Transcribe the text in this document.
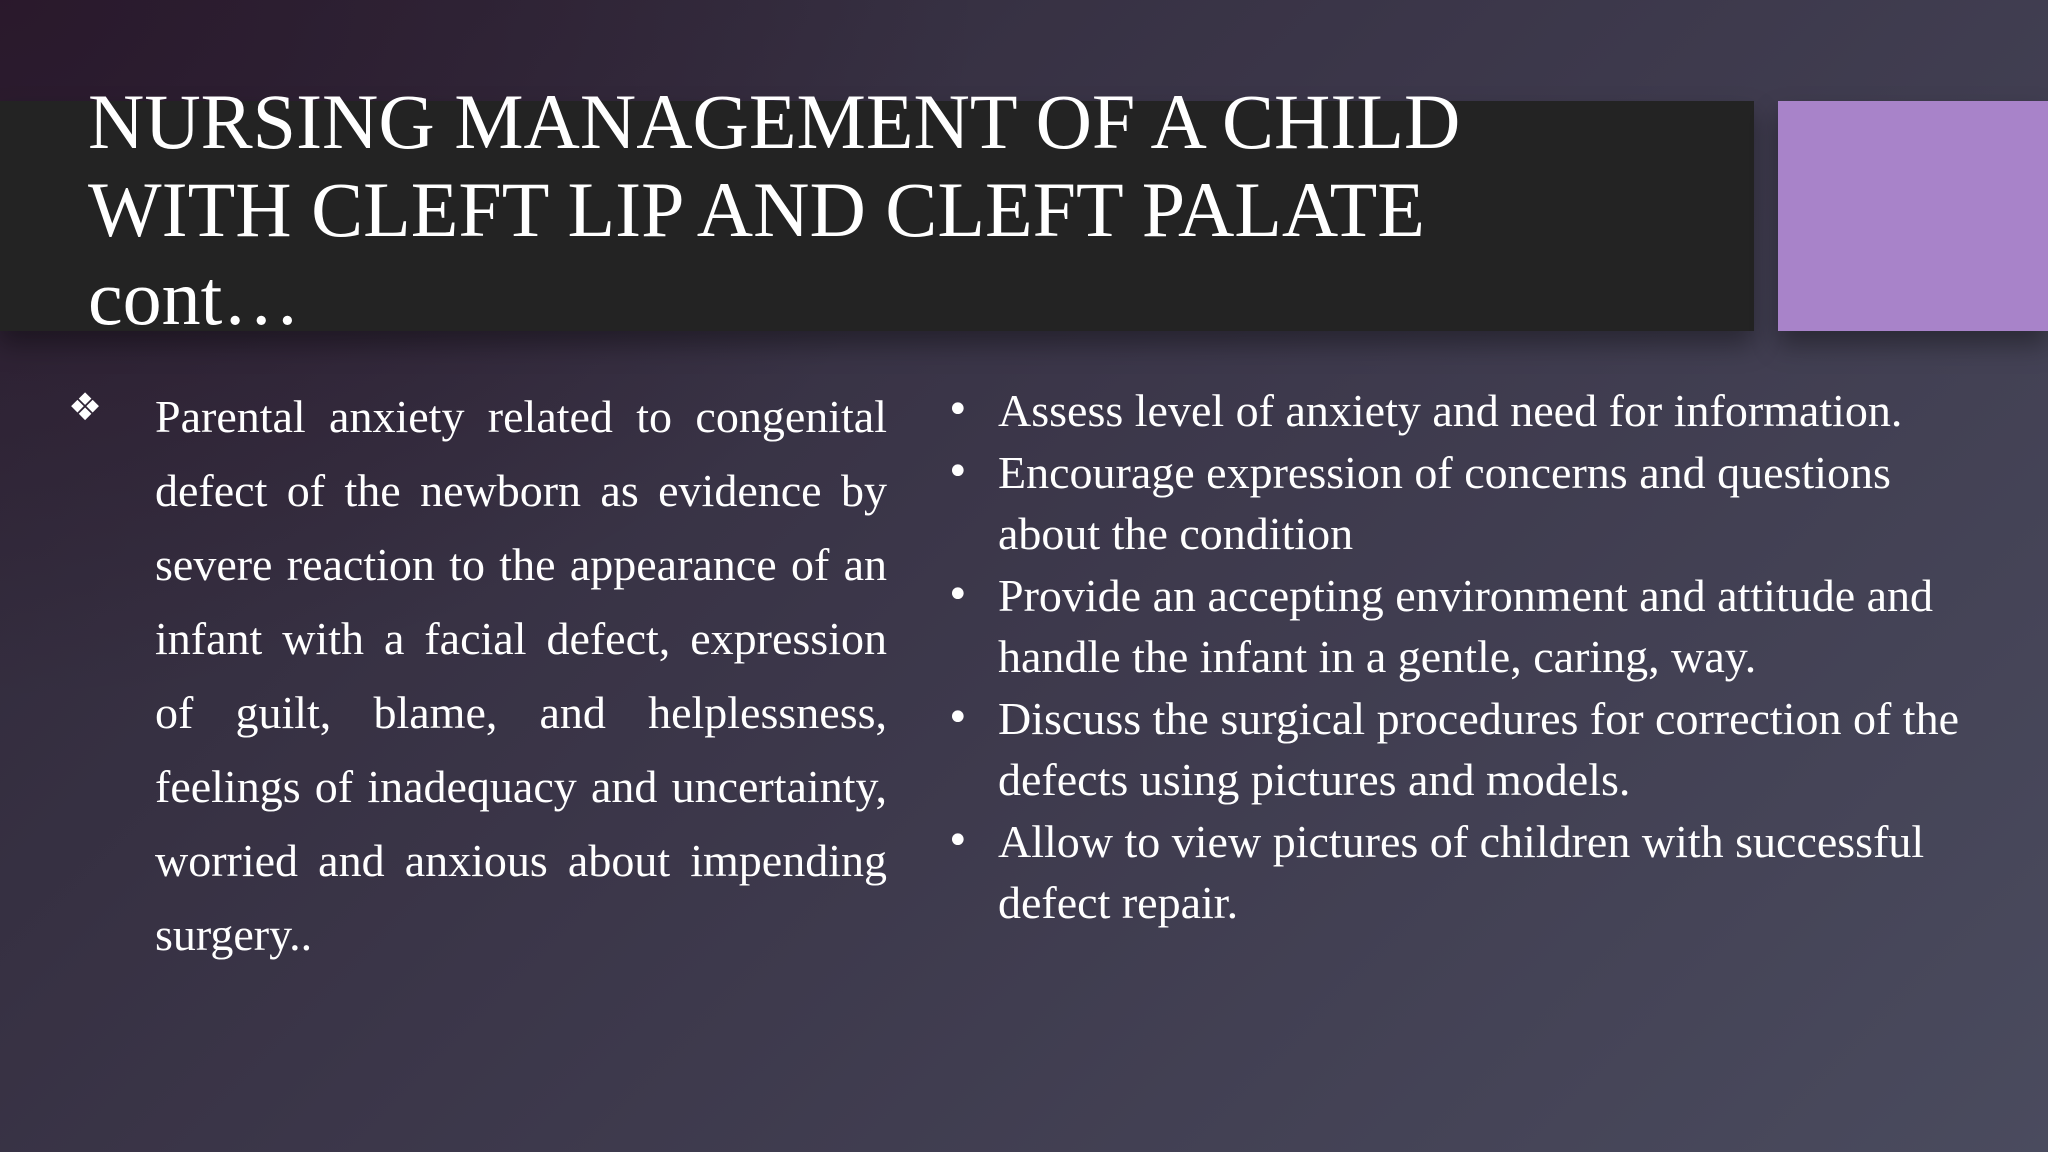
NURSING MANAGEMENT OF A CHILD
WITH CLEFT LIP AND CLEFT PALATE
cont…
❖ Parental anxiety related to congenital defect of the newborn as evidence by severe reaction to the appearance of an infant with a facial defect, expression of guilt, blame, and helplessness, feelings of inadequacy and uncertainty, worried and anxious about impending surgery..

• Assess level of anxiety and need for information.
• Encourage expression of concerns and questions about the condition
• Provide an accepting environment and attitude and handle the infant in a gentle, caring, way.
• Discuss the surgical procedures for correction of the defects using pictures and models.
• Allow to view pictures of children with successful defect repair.
